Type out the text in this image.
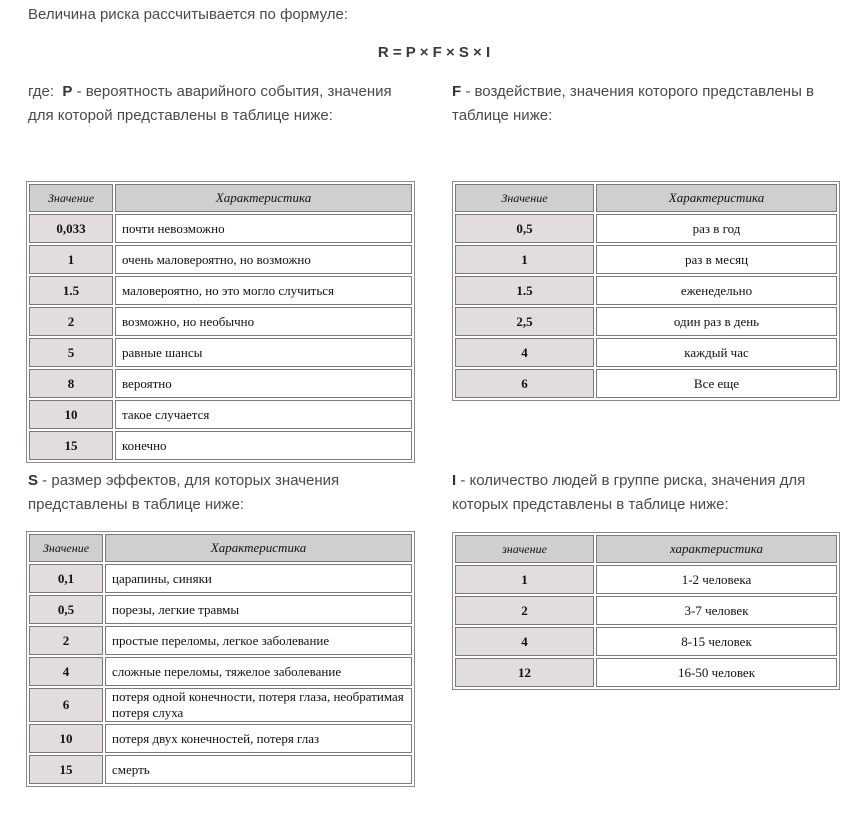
Величина риска рассчитывается по формуле:
R = P × F × S × I
где: P - вероятность аварийного события, значения для которой представлены в таблице ниже:
F - воздействие, значения которого представлены в таблице ниже:
Значение	Характеристика
0,033	почти невозможно
1	очень маловероятно, но возможно
1.5	маловероятно, но это могло случиться
2	возможно, но необычно
5	равные шансы
8	вероятно
10	такое случается
15	конечно
Значение	Характеристика
0,5	раз в год
1	раз в месяц
1.5	еженедельно
2,5	один раз в день
4	каждый час
6	Все еще
S - размер эффектов, для которых значения представлены в таблице ниже:
I - количество людей в группе риска, значения для которых представлены в таблице ниже:
Значение	Характеристика
0,1	царапины, синяки
0,5	порезы, легкие травмы
2	простые переломы, легкое заболевание
4	сложные переломы, тяжелое заболевание
6	потеря одной конечности, потеря глаза, необратимая потеря слуха
10	потеря двух конечностей, потеря глаз
15	смерть
значение	характеристика
1	1-2 человека
2	3-7 человек
4	8-15 человек
12	16-50 человек
